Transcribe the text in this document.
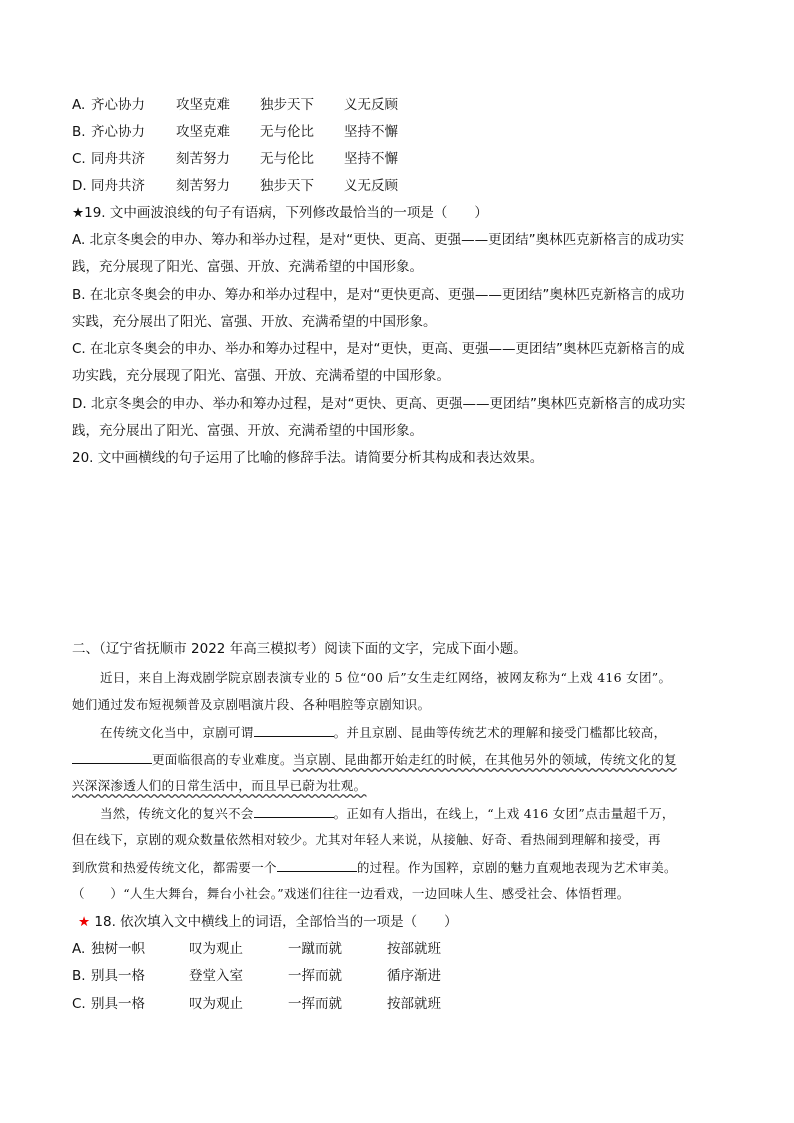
A. 齐心协力 攻坚克难 独步天下 义无反顾
B. 齐心协力 攻坚克难 无与伦比 坚持不懈
C. 同舟共济 刻苦努力 无与伦比 坚持不懈
D. 同舟共济 刻苦努力 独步天下 义无反顾
★19. 文中画波浪线的句子有语病，下列修改最恰当的一项是（　　）
A. 北京冬奥会的申办、筹办和举办过程，是对“更快、更高、更强——更团结”奥林匹克新格言的成功实
践，充分展现了阳光、富强、开放、充满希望的中国形象。
B. 在北京冬奥会的申办、筹办和举办过程中，是对“更快更高、更强——更团结”奥林匹克新格言的成功
实践，充分展出了阳光、富强、开放、充满希望的中国形象。
C. 在北京冬奥会的申办、举办和筹办过程中，是对“更快，更高、更强——更团结”奥林匹克新格言的成
功实践，充分展现了阳光、富强、开放、充满希望的中国形象。
D. 北京冬奥会的申办、举办和筹办过程，是对“更快、更高、更强——更团结”奥林匹克新格言的成功实
践，充分展出了阳光、富强、开放、充满希望的中国形象。
20. 文中画横线的句子运用了比喻的修辞手法。请简要分析其构成和表达效果。
二、（辽宁省抚顺市 2022 年高三模拟考）阅读下面的文字，完成下面小题。
近日，来自上海戏剧学院京剧表演专业的 5 位“00 后”女生走红网络，被网友称为“上戏 416 女团”。
她们通过发布短视频普及京剧唱演片段、各种唱腔等京剧知识。
在传统文化当中，京剧可谓	。并且京剧、昆曲等传统艺术的理解和接受门槛都比较高，
更面临很高的专业难度。当京剧、昆曲都开始走红的时候，在其他另外的领域，传统文化的复
兴深深渗透人们的日常生活中，而且早已蔚为壮观。
当然，传统文化的复兴不会	。正如有人指出，在线上，“上戏 416 女团”点击量超千万，
但在线下，京剧的观众数量依然相对较少。尤其对年轻人来说，从接触、好奇、看热闹到理解和接受，再
到欣赏和热爱传统文化，都需要一个	的过程。作为国粹，京剧的魅力直观地表现为艺术审美。
（　　）“人生大舞台，舞台小社会。”戏迷们往往一边看戏，一边回味人生、感受社会、体悟哲理。
★ 18. 依次填入文中横线上的词语，全部恰当的一项是（　　）
A. 独树一帜	叹为观止	一蹴而就	按部就班
B. 别具一格	登堂入室	一挥而就	循序渐进
C. 别具一格	叹为观止	一挥而就	按部就班
